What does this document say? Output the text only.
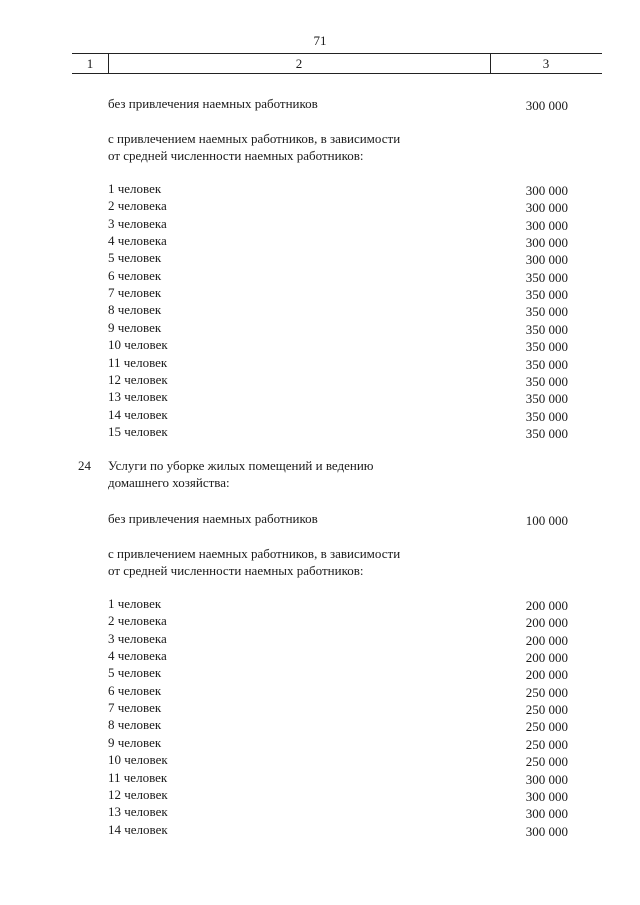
71
1	2	3
без привлечения наемных работников	300 000
с привлечением наемных работников, в зависимости
от средней численности наемных работников:
1 человек	300 000
2 человека	300 000
3 человека	300 000
4 человека	300 000
5 человек	300 000
6 человек	350 000
7 человек	350 000
8 человек	350 000
9 человек	350 000
10 человек	350 000
11 человек	350 000
12 человек	350 000
13 человек	350 000
14 человек	350 000
15 человек	350 000
24 Услуги по уборке жилых помещений и ведению
домашнего хозяйства:
без привлечения наемных работников	100 000
с привлечением наемных работников, в зависимости
от средней численности наемных работников:
1 человек	200 000
2 человека	200 000
3 человека	200 000
4 человека	200 000
5 человек	200 000
6 человек	250 000
7 человек	250 000
8 человек	250 000
9 человек	250 000
10 человек	250 000
11 человек	300 000
12 человек	300 000
13 человек	300 000
14 человек	300 000
